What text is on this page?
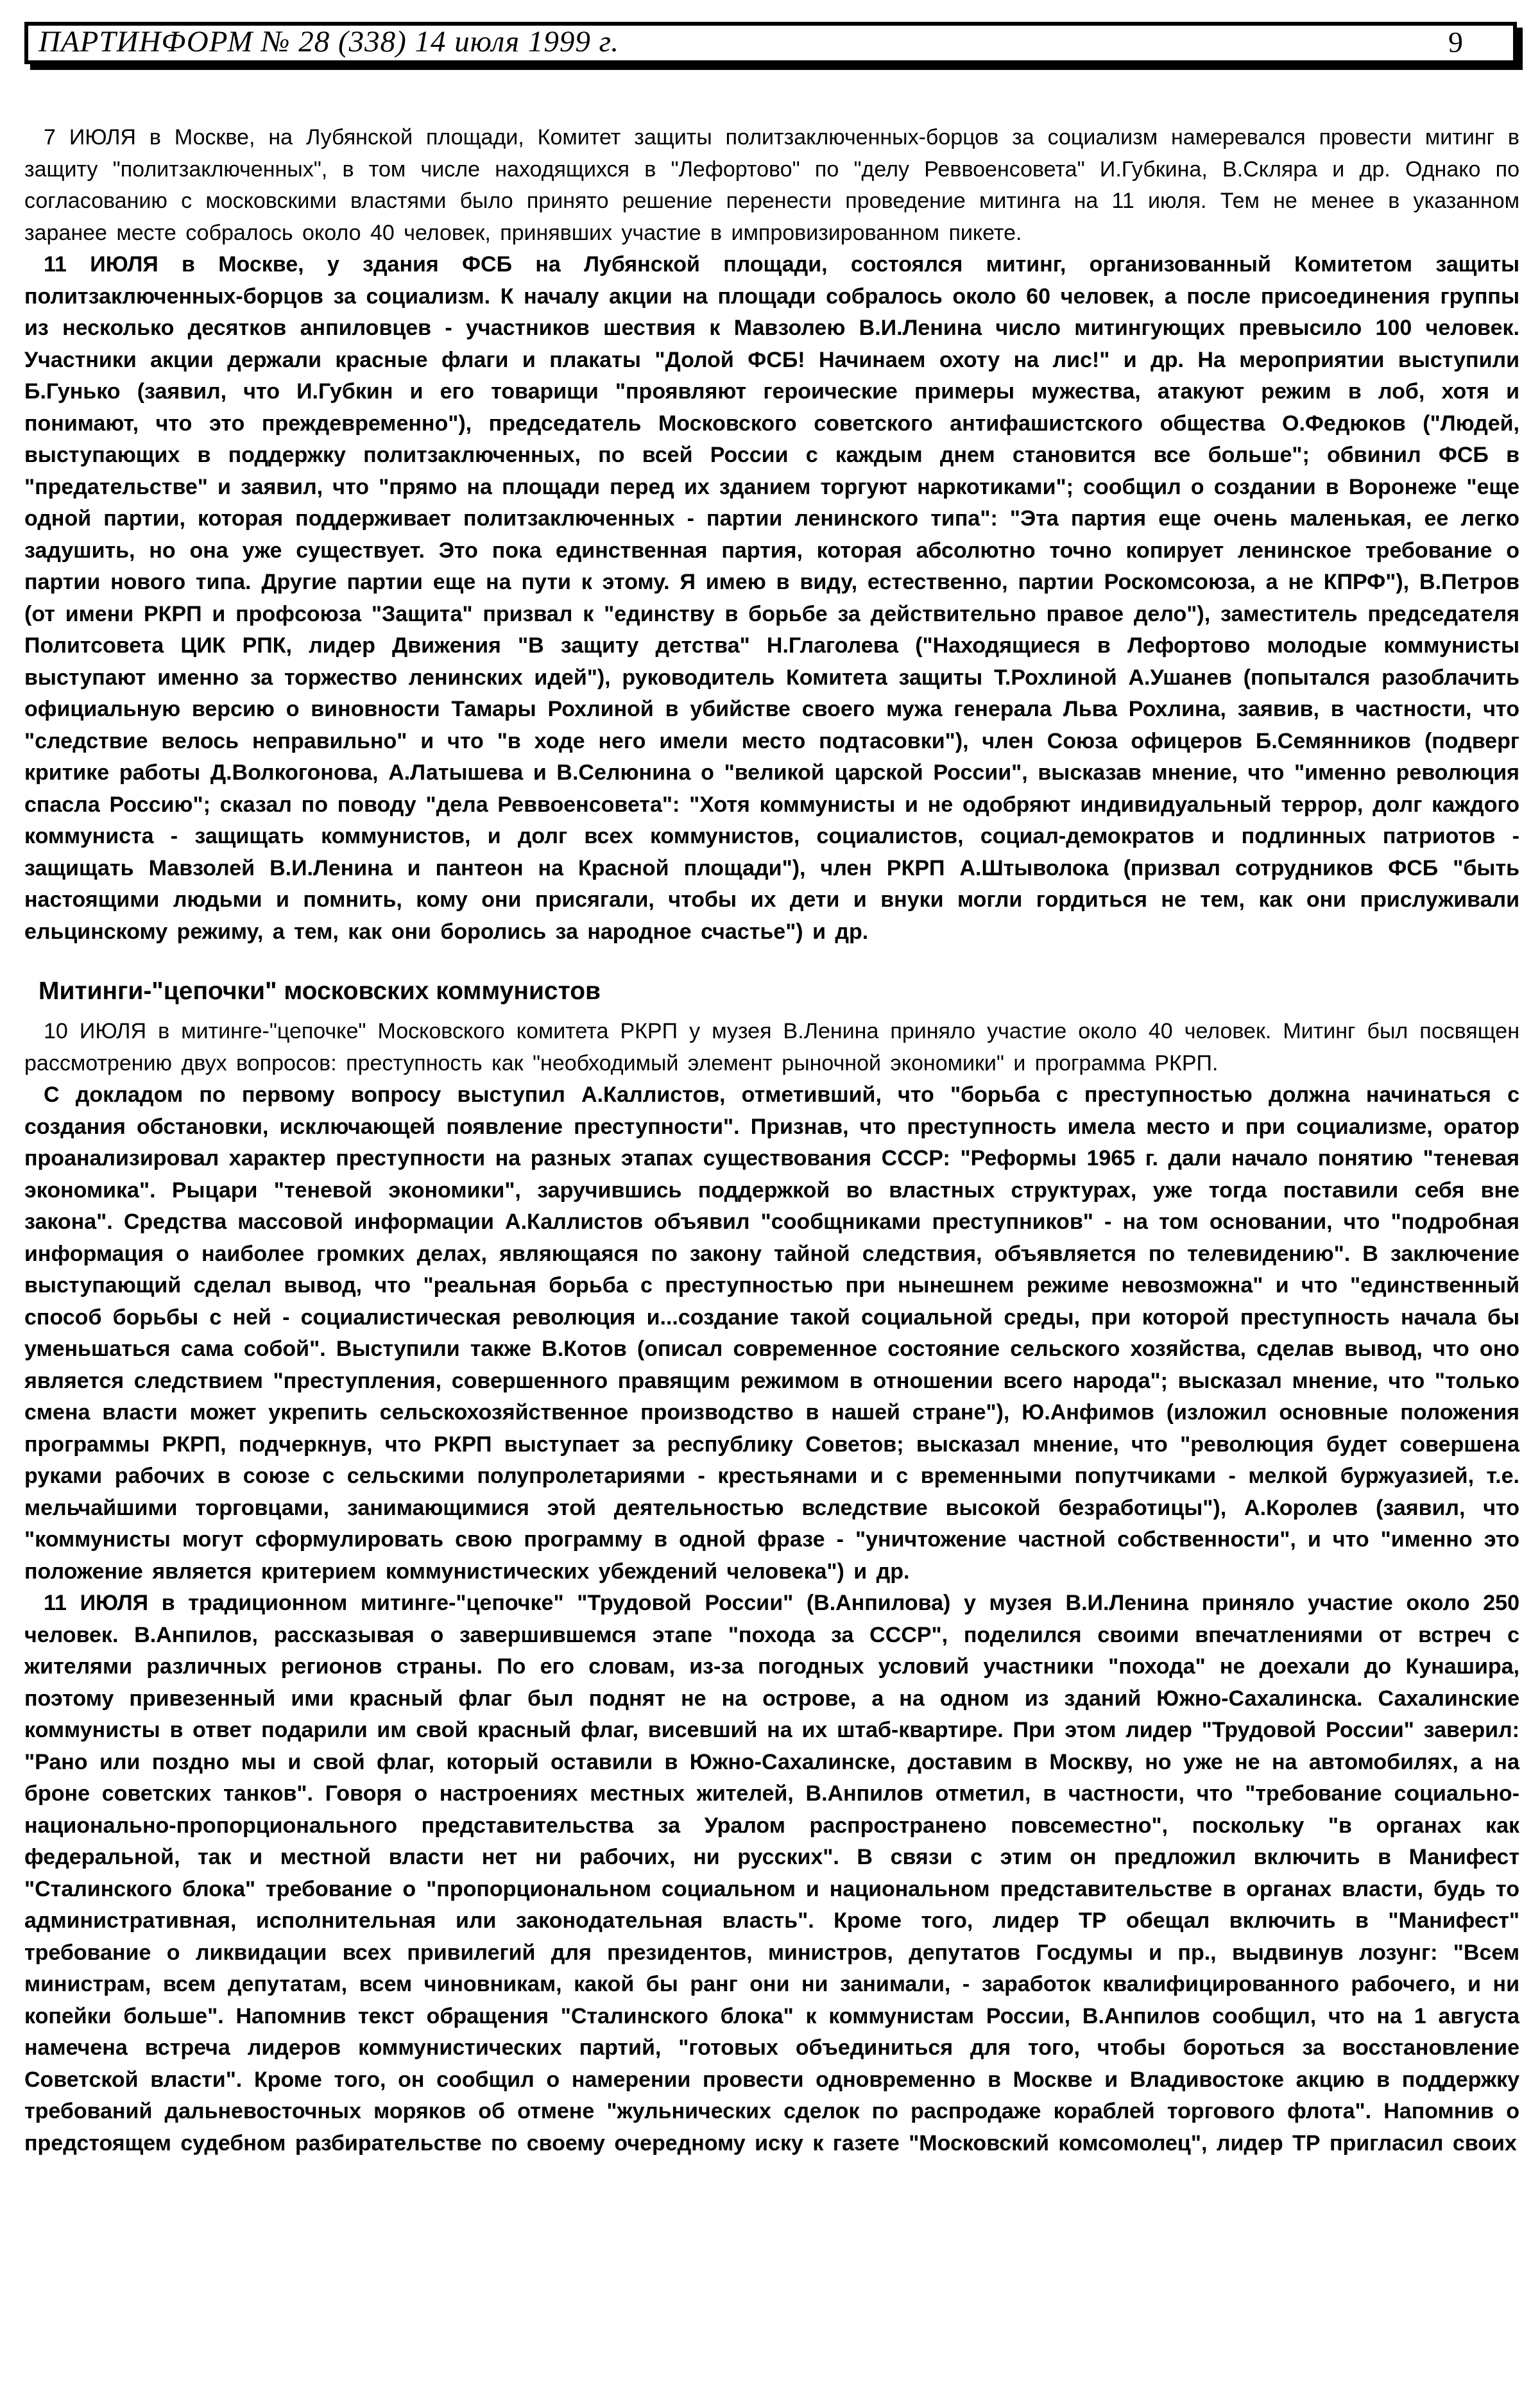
ПАРТИНФОРМ № 28 (338) 14 июля 1999 г.	9

7 ИЮЛЯ в Москве, на Лубянской площади, Комитет защиты политзаключенных-борцов за социализм намеревался провести митинг в защиту "политзаключенных", в том числе находящихся в "Лефортово" по "делу Реввоенсовета" И.Губкина, В.Скляра и др. Однако по согласованию с московскими властями было принято решение перенести проведение митинга на 11 июля. Тем не менее в указанном заранее месте собралось около 40 человек, принявших участие в импровизированном пикете.

11 ИЮЛЯ в Москве, у здания ФСБ на Лубянской площади, состоялся митинг, организованный Комитетом защиты политзаключенных-борцов за социализм. К началу акции на площади собралось около 60 человек, а после присоединения группы из несколько десятков анпиловцев - участников шествия к Мавзолею В.И.Ленина число митингующих превысило 100 человек. Участники акции держали красные флаги и плакаты "Долой ФСБ! Начинаем охоту на лис!" и др. На мероприятии выступили Б.Гунько (заявил, что И.Губкин и его товарищи "проявляют героические примеры мужества, атакуют режим в лоб, хотя и понимают, что это преждевременно"), председатель Московского советского антифашистского общества О.Федюков ("Людей, выступающих в поддержку политзаключенных, по всей России с каждым днем становится все больше"; обвинил ФСБ в "предательстве" и заявил, что "прямо на площади перед их зданием торгуют наркотиками"; сообщил о создании в Воронеже "еще одной партии, которая поддерживает политзаключенных - партии ленинского типа": "Эта партия еще очень маленькая, ее легко задушить, но она уже существует. Это пока единственная партия, которая абсолютно точно копирует ленинское требование о партии нового типа. Другие партии еще на пути к этому. Я имею в виду, естественно, партии Роскомсоюза, а не КПРФ"), В.Петров (от имени РКРП и профсоюза "Защита" призвал к "единству в борьбе за действительно правое дело"), заместитель председателя Политсовета ЦИК РПК, лидер Движения "В защиту детства" Н.Глаголева ("Находящиеся в Лефортово молодые коммунисты выступают именно за торжество ленинских идей"), руководитель Комитета защиты Т.Рохлиной А.Ушанев (попытался разоблачить официальную версию о виновности Тамары Рохлиной в убийстве своего мужа генерала Льва Рохлина, заявив, в частности, что "следствие велось неправильно" и что "в ходе него имели место подтасовки"), член Союза офицеров Б.Семянников (подверг критике работы Д.Волкогонова, А.Латышева и В.Селюнина о "великой царской России", высказав мнение, что "именно революция спасла Россию"; сказал по поводу "дела Реввоенсовета": "Хотя коммунисты и не одобряют индивидуальный террор, долг каждого коммуниста - защищать коммунистов, и долг всех коммунистов, социалистов, социал-демократов и подлинных патриотов - защищать Мавзолей В.И.Ленина и пантеон на Красной площади"), член РКРП А.Штыволока (призвал сотрудников ФСБ "быть настоящими людьми и помнить, кому они присягали, чтобы их дети и внуки могли гордиться не тем, как они прислуживали ельцинскому режиму, а тем, как они боролись за народное счастье") и др.

Митинги-"цепочки" московских коммунистов

10 ИЮЛЯ в митинге-"цепочке" Московского комитета РКРП у музея В.Ленина приняло участие около 40 человек. Митинг был посвящен рассмотрению двух вопросов: преступность как "необходимый элемент рыночной экономики" и программа РКРП.

С докладом по первому вопросу выступил А.Каллистов, отметивший, что "борьба с преступностью должна начинаться с создания обстановки, исключающей появление преступности". Признав, что преступность имела место и при социализме, оратор проанализировал характер преступности на разных этапах существования СССР: "Реформы 1965 г. дали начало понятию "теневая экономика". Рыцари "теневой экономики", заручившись поддержкой во властных структурах, уже тогда поставили себя вне закона". Средства массовой информации А.Каллистов объявил "сообщниками преступников" - на том основании, что "подробная информация о наиболее громких делах, являющаяся по закону тайной следствия, объявляется по телевидению". В заключение выступающий сделал вывод, что "реальная борьба с преступностью при нынешнем режиме невозможна" и что "единственный способ борьбы с ней - социалистическая революция и...создание такой социальной среды, при которой преступность начала бы уменьшаться сама собой". Выступили также В.Котов (описал современное состояние сельского хозяйства, сделав вывод, что оно является следствием "преступления, совершенного правящим режимом в отношении всего народа"; высказал мнение, что "только смена власти может укрепить сельскохозяйственное производство в нашей стране"), Ю.Анфимов (изложил основные положения программы РКРП, подчеркнув, что РКРП выступает за республику Советов; высказал мнение, что "революция будет совершена руками рабочих в союзе с сельскими полупролетариями - крестьянами и с временными попутчиками - мелкой буржуазией, т.е. мельчайшими торговцами, занимающимися этой деятельностью вследствие высокой безработицы"), А.Королев (заявил, что "коммунисты могут сформулировать свою программу в одной фразе - "уничтожение частной собственности", и что "именно это положение является критерием коммунистических убеждений человека") и др.

11 ИЮЛЯ в традиционном митинге-"цепочке" "Трудовой России" (В.Анпилова) у музея В.И.Ленина приняло участие около 250 человек. В.Анпилов, рассказывая о завершившемся этапе "похода за СССР", поделился своими впечатлениями от встреч с жителями различных регионов страны. По его словам, из-за погодных условий участники "похода" не доехали до Кунашира, поэтому привезенный ими красный флаг был поднят не на острове, а на одном из зданий Южно-Сахалинска. Сахалинские коммунисты в ответ подарили им свой красный флаг, висевший на их штаб-квартире. При этом лидер "Трудовой России" заверил: "Рано или поздно мы и свой флаг, который оставили в Южно-Сахалинске, доставим в Москву, но уже не на автомобилях, а на броне советских танков". Говоря о настроениях местных жителей, В.Анпилов отметил, в частности, что "требование социально-национально-пропорционального представительства за Уралом распространено повсеместно", поскольку "в органах как федеральной, так и местной власти нет ни рабочих, ни русских". В связи с этим он предложил включить в Манифест "Сталинского блока" требование о "пропорциональном социальном и национальном представительстве в органах власти, будь то административная, исполнительная или законодательная власть". Кроме того, лидер ТР обещал включить в "Манифест" требование о ликвидации всех привилегий для президентов, министров, депутатов Госдумы и пр., выдвинув лозунг: "Всем министрам, всем депутатам, всем чиновникам, какой бы ранг они ни занимали, - заработок квалифицированного рабочего, и ни копейки больше". Напомнив текст обращения "Сталинского блока" к коммунистам России, В.Анпилов сообщил, что на 1 августа намечена встреча лидеров коммунистических партий, "готовых объединиться для того, чтобы бороться за восстановление Советской власти". Кроме того, он сообщил о намерении провести одновременно в Москве и Владивостоке акцию в поддержку требований дальневосточных моряков об отмене "жульнических сделок по распродаже кораблей торгового флота". Напомнив о предстоящем судебном разбирательстве по своему очередному иску к газете "Московский комсомолец", лидер ТР пригласил своих
